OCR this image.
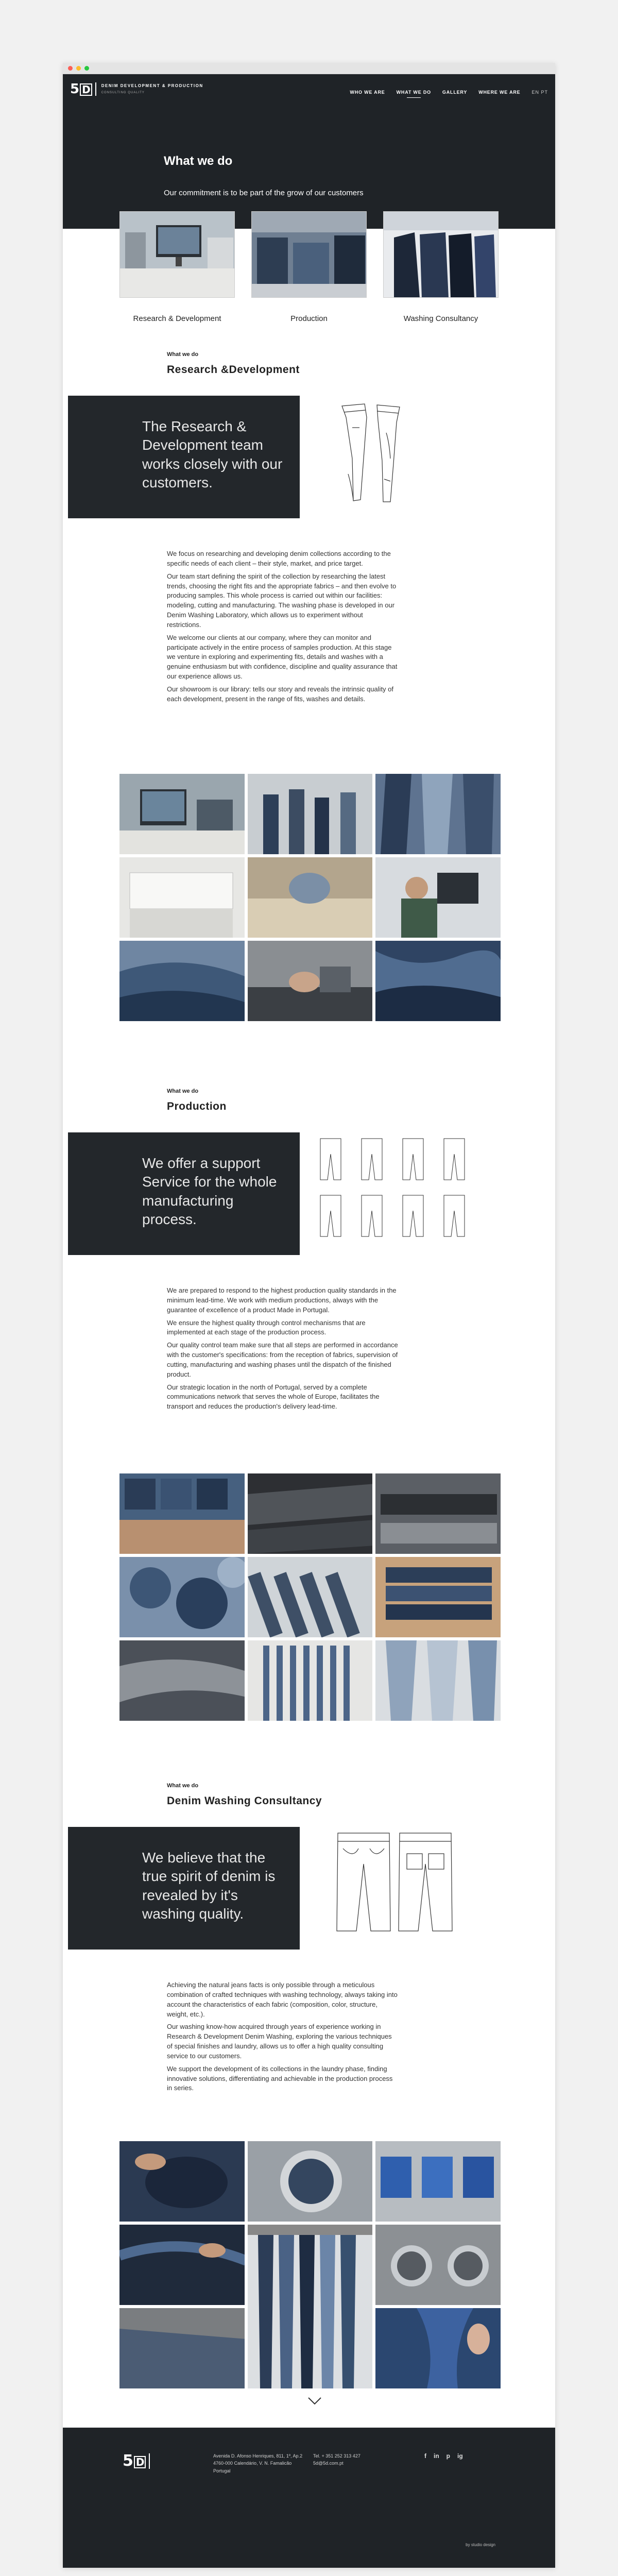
5 D	DENIM DEVELOPMENT & PRODUCTION
CONSULTING QUALITY	WHO WE ARE WHAT WE DO GALLERY WHERE WE ARE EN PT
What we do

Our commitment is to be part of the grow of our customers

Research & Development	Production	Washing Consultancy
What we do
Research &Development
The Research & Development team works closely with our customers.

We focus on researching and developing denim collections according to the specific needs of each client – their style, market, and price target.

Our team start defining the spirit of the collection by researching the latest trends, choosing the right fits and the appropriate fabrics – and then evolve to producing samples. This whole process is carried out within our facilities: modeling, cutting and manufacturing. The washing phase is developed in our Denim Washing Laboratory, which allows us to experiment without restrictions.

We welcome our clients at our company, where they can monitor and participate actively in the entire process of samples production. At this stage we venture in exploring and experimenting fits, details and washes with a genuine enthusiasm but with confidence, discipline and quality assurance that our experience allows us.

Our showroom is our library: tells our story and reveals the intrinsic quality of each development, present in the range of fits, washes and details.

What we do
Production
We offer a support Service for the whole manufacturing process.

We are prepared to respond to the highest production quality standards in the minimum lead-time. We work with medium productions, always with the guarantee of excellence of a product Made in Portugal.

We ensure the highest quality through control mechanisms that are implemented at each stage of the production process.

Our quality control team make sure that all steps are performed in accordance with the customer's specifications: from the reception of fabrics, supervision of cutting, manufacturing and washing phases until the dispatch of the finished product.

Our strategic location in the north of Portugal, served by a complete communications network that serves the whole of Europe, facilitates the transport and reduces the production's delivery lead-time.

What we do
Denim Washing Consultancy
We believe that the true spirit of denim is revealed by it's washing quality.

Achieving the natural jeans facts is only possible through a meticulous combination of crafted techniques with washing technology, always taking into account the characteristics of each fabric (composition, color, structure, weight, etc.).

Our washing know-how acquired through years of experience working in Research & Development Denim Washing, exploring the various techniques of special finishes and laundry, allows us to offer a high quality consulting service to our customers.

We support the development of its collections in the laundry phase, finding innovative solutions, differentiating and achievable in the production process in series.

5 D	Avenida D. Afonso Henriques, 811, 1º, Ap.2
4760-000 Calendário, V. N. Famalicão
Portugal
Tel. + 351 252 313 427
5d@5d.com.pt
f in p ig
by studio design
